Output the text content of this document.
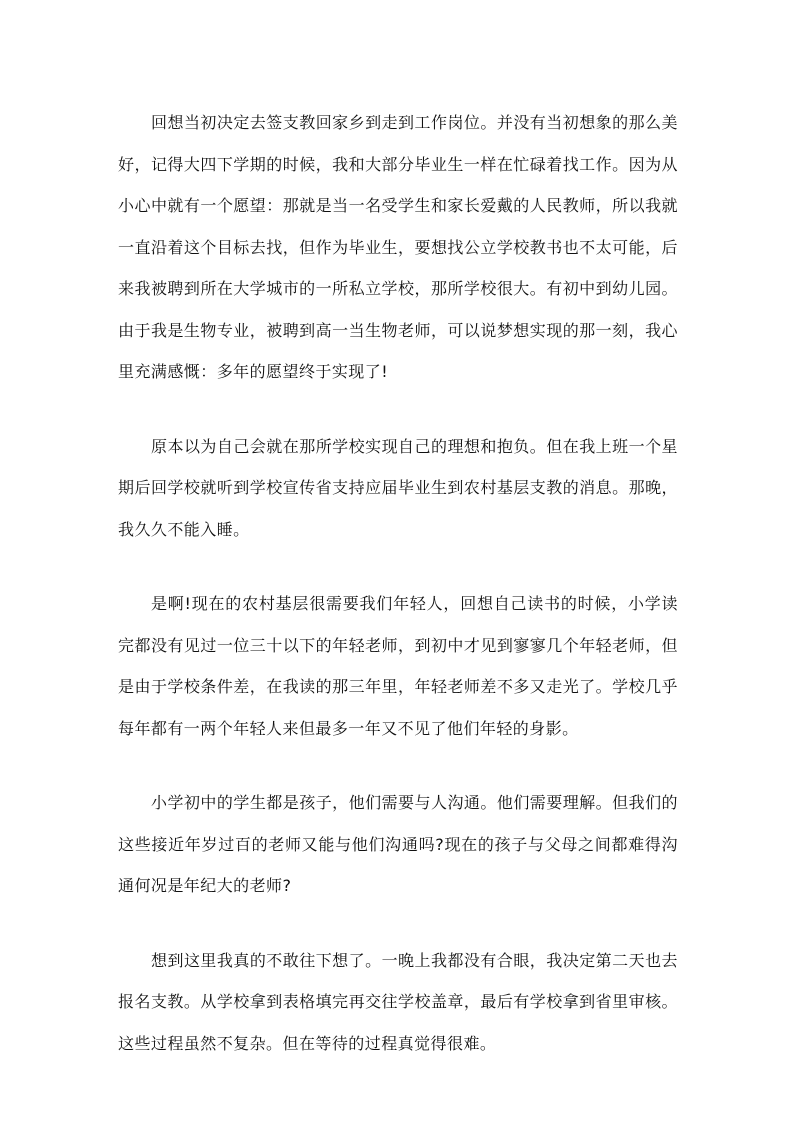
回想当初决定去签支教回家乡到走到工作岗位。并没有当初想象的那么美好，记得大四下学期的时候，我和大部分毕业生一样在忙碌着找工作。因为从小心中就有一个愿望：那就是当一名受学生和家长爱戴的人民教师，所以我就一直沿着这个目标去找，但作为毕业生，要想找公立学校教书也不太可能，后来我被聘到所在大学城市的一所私立学校，那所学校很大。有初中到幼儿园。由于我是生物专业，被聘到高一当生物老师，可以说梦想实现的那一刻，我心里充满感慨：多年的愿望终于实现了!

原本以为自己会就在那所学校实现自己的理想和抱负。但在我上班一个星期后回学校就听到学校宣传省支持应届毕业生到农村基层支教的消息。那晚，我久久不能入睡。

是啊!现在的农村基层很需要我们年轻人，回想自己读书的时候，小学读完都没有见过一位三十以下的年轻老师，到初中才见到寥寥几个年轻老师，但是由于学校条件差，在我读的那三年里，年轻老师差不多又走光了。学校几乎每年都有一两个年轻人来但最多一年又不见了他们年轻的身影。

小学初中的学生都是孩子，他们需要与人沟通。他们需要理解。但我们的这些接近年岁过百的老师又能与他们沟通吗?现在的孩子与父母之间都难得沟通何况是年纪大的老师?

想到这里我真的不敢往下想了。一晚上我都没有合眼，我决定第二天也去报名支教。从学校拿到表格填完再交往学校盖章，最后有学校拿到省里审核。这些过程虽然不复杂。但在等待的过程真觉得很难。
